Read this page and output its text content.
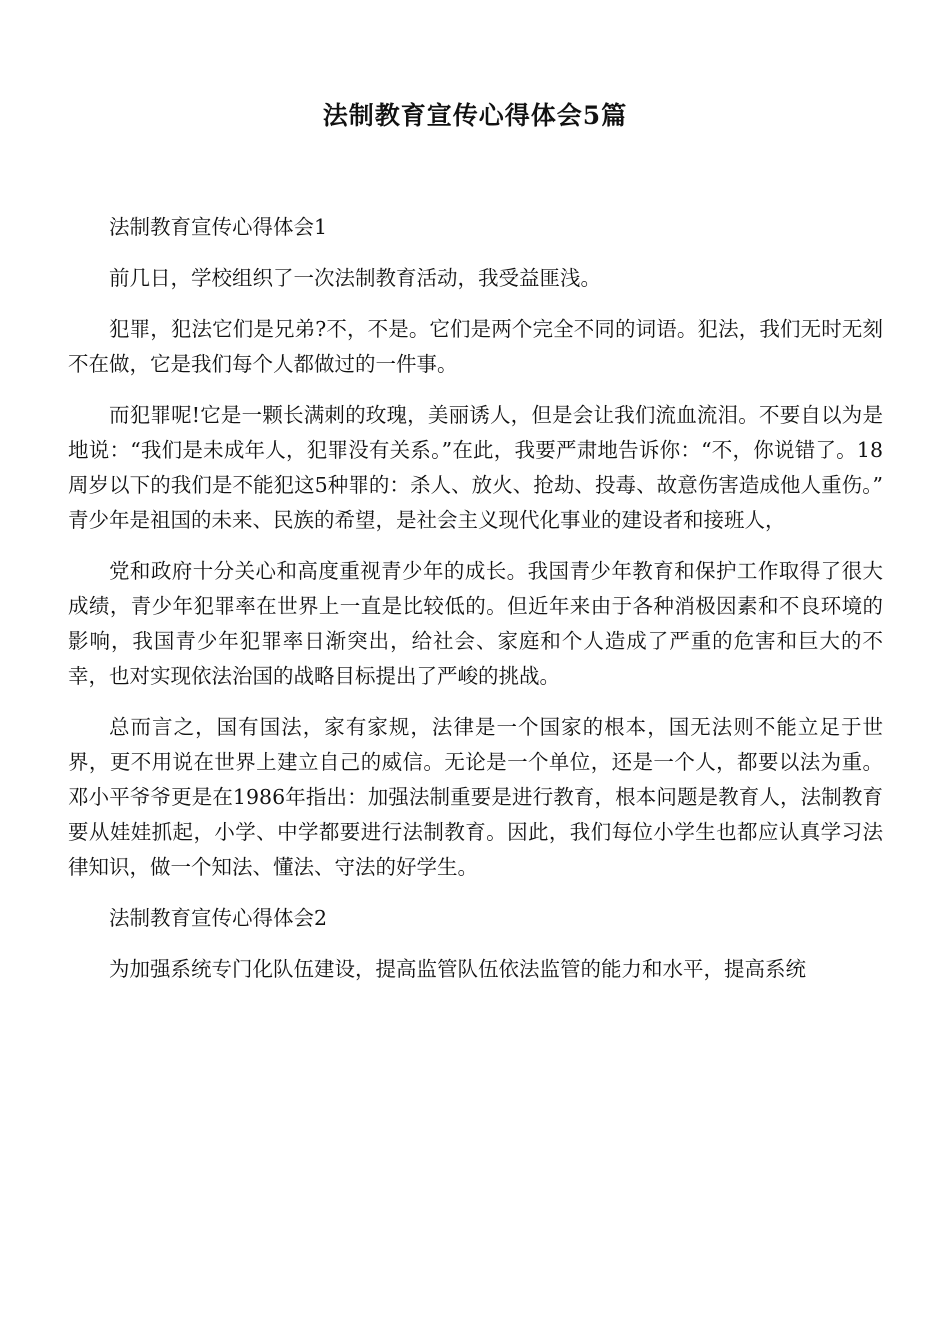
法制教育宣传心得体会5篇

法制教育宣传心得体会1

前几日，学校组织了一次法制教育活动，我受益匪浅。

犯罪，犯法它们是兄弟?不，不是。它们是两个完全不同的词语。犯法，我们无时无刻不在做，它是我们每个人都做过的一件事。

而犯罪呢!它是一颗长满刺的玫瑰，美丽诱人，但是会让我们流血流泪。不要自以为是地说：“我们是未成年人，犯罪没有关系。”在此，我要严肃地告诉你：“不，你说错了。18周岁以下的我们是不能犯这5种罪的：杀人、放火、抢劫、投毒、故意伤害造成他人重伤。” 青少年是祖国的未来、民族的希望，是社会主义现代化事业的建设者和接班人，

党和政府十分关心和高度重视青少年的成长。我国青少年教育和保护工作取得了很大成绩，青少年犯罪率在世界上一直是比较低的。但近年来由于各种消极因素和不良环境的影响，我国青少年犯罪率日渐突出，给社会、家庭和个人造成了严重的危害和巨大的不幸，也对实现依法治国的战略目标提出了严峻的挑战。

总而言之，国有国法，家有家规，法律是一个国家的根本，国无法则不能立足于世界，更不用说在世界上建立自己的威信。无论是一个单位，还是一个人，都要以法为重。邓小平爷爷更是在1986年指出：加强法制重要是进行教育，根本问题是教育人，法制教育要从娃娃抓起，小学、中学都要进行法制教育。因此，我们每位小学生也都应认真学习法律知识，做一个知法、懂法、守法的好学生。

法制教育宣传心得体会2

为加强系统专门化队伍建设，提高监管队伍依法监管的能力和水平，提高系统
